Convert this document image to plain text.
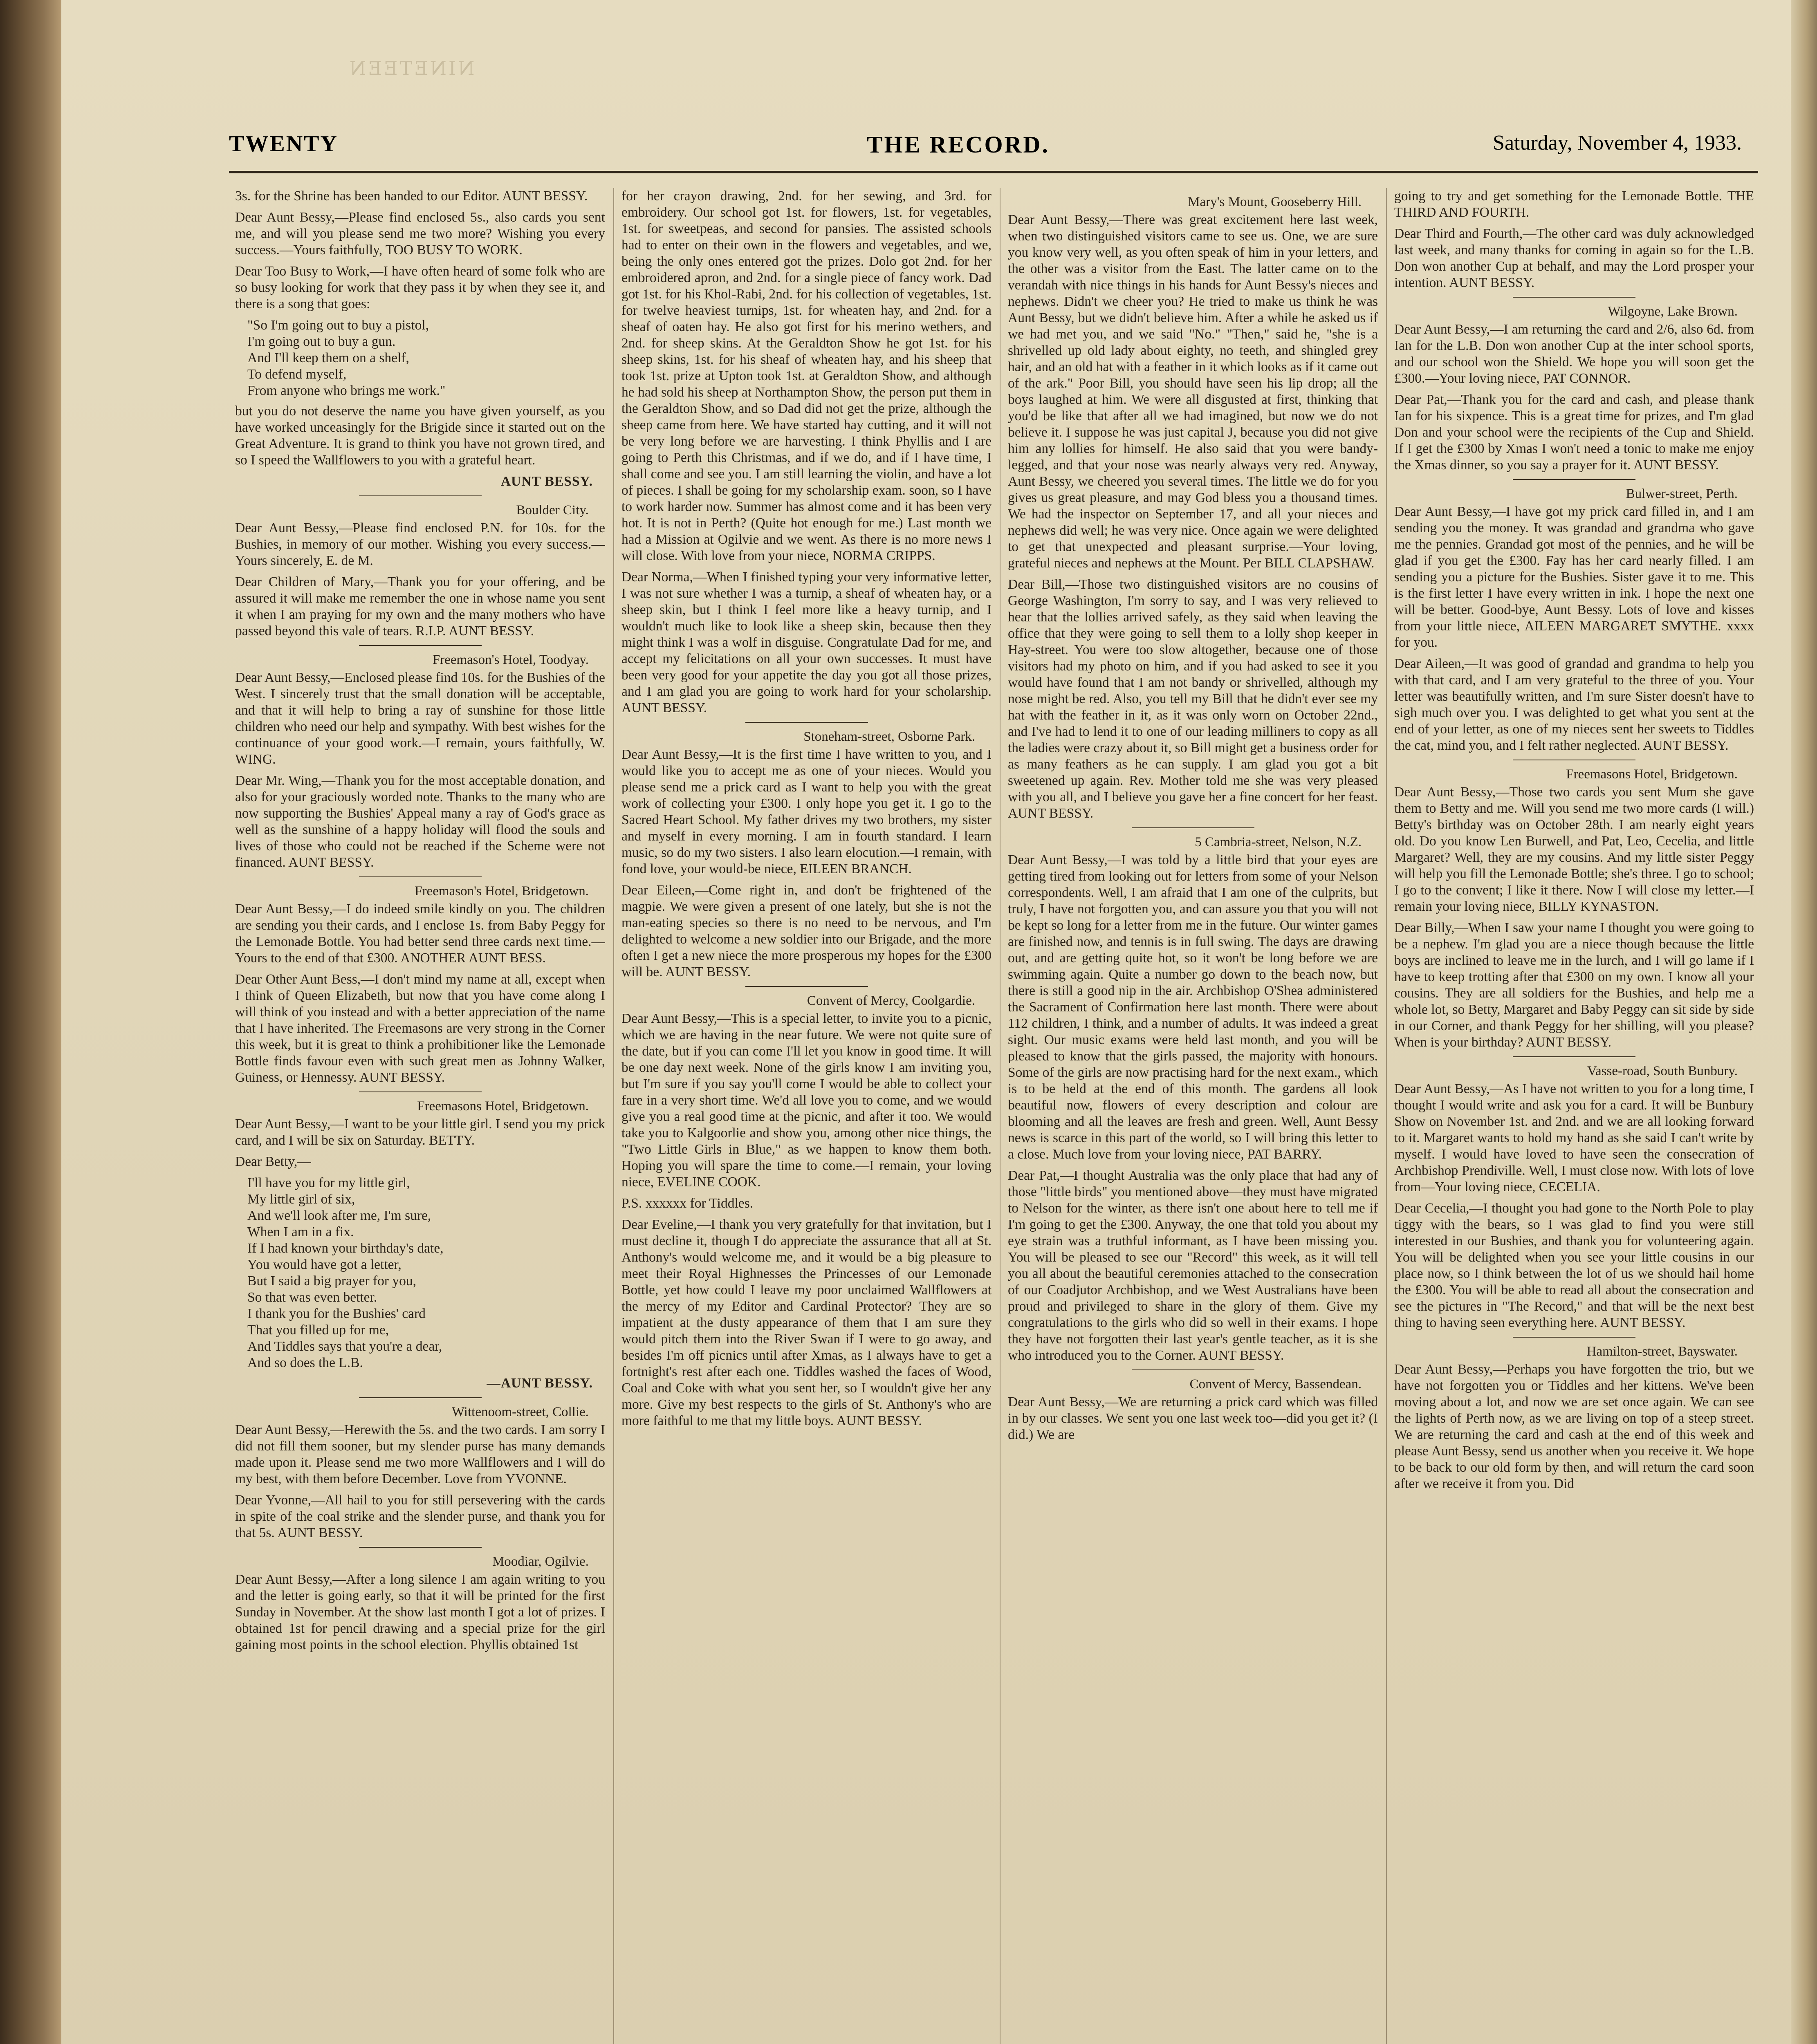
NINETEEN
TWENTY	THE RECORD.	Saturday, November 4, 1933.

3s. for the Shrine has been handed to our Editor. AUNT BESSY.

Dear Aunt Bessy,—Please find enclosed 5s., also cards you sent me, and will you please send me two more? Wishing you every success.—Yours faithfully, TOO BUSY TO WORK.

Dear Too Busy to Work,—I have often heard of some folk who are so busy looking for work that they pass it by when they see it, and there is a song that goes:

"So I'm going out to buy a pistol,
I'm going out to buy a gun.
And I'll keep them on a shelf,
To defend myself,
From anyone who brings me work."

but you do not deserve the name you have given yourself, as you have worked unceasingly for the Brigide since it started out on the Great Adventure. It is grand to think you have not grown tired, and so I speed the Wallflowers to you with a grateful heart.

AUNT BESSY.
Boulder City.

Dear Aunt Bessy,—Please find enclosed P.N. for 10s. for the Bushies, in memory of our mother. Wishing you every success.—Yours sincerely, E. de M.

Dear Children of Mary,—Thank you for your offering, and be assured it will make me remember the one in whose name you sent it when I am praying for my own and the many mothers who have passed beyond this vale of tears. R.I.P. AUNT BESSY.

Freemason's Hotel, Toodyay.

Dear Aunt Bessy,—Enclosed please find 10s. for the Bushies of the West. I sincerely trust that the small donation will be acceptable, and that it will help to bring a ray of sunshine for those little children who need our help and sympathy. With best wishes for the continuance of your good work.—I remain, yours faithfully, W. WING.

Dear Mr. Wing,—Thank you for the most acceptable donation, and also for your graciously worded note. Thanks to the many who are now supporting the Bushies' Appeal many a ray of God's grace as well as the sunshine of a happy holiday will flood the souls and lives of those who could not be reached if the Scheme were not financed. AUNT BESSY.

Freemason's Hotel, Bridgetown.

Dear Aunt Bessy,—I do indeed smile kindly on you. The children are sending you their cards, and I enclose 1s. from Baby Peggy for the Lemonade Bottle. You had better send three cards next time.—Yours to the end of that £300. ANOTHER AUNT BESS.

Dear Other Aunt Bess,—I don't mind my name at all, except when I think of Queen Elizabeth, but now that you have come along I will think of you instead and with a better appreciation of the name that I have inherited. The Freemasons are very strong in the Corner this week, but it is great to think a prohibitioner like the Lemonade Bottle finds favour even with such great men as Johnny Walker, Guiness, or Hennessy. AUNT BESSY.

Freemasons Hotel, Bridgetown.

Dear Aunt Bessy,—I want to be your little girl. I send you my prick card, and I will be six on Saturday. BETTY.

Dear Betty,—

I'll have you for my little girl,
My little girl of six,
And we'll look after me, I'm sure,
When I am in a fix.
If I had known your birthday's date,
You would have got a letter,
But I said a big prayer for you,
So that was even better.
I thank you for the Bushies' card
That you filled up for me,
And Tiddles says that you're a dear,
And so does the L.B.
—AUNT BESSY.
Wittenoom-street, Collie.

Dear Aunt Bessy,—Herewith the 5s. and the two cards. I am sorry I did not fill them sooner, but my slender purse has many demands made upon it. Please send me two more Wallflowers and I will do my best, with them before December. Love from YVONNE.

Dear Yvonne,—All hail to you for still persevering with the cards in spite of the coal strike and the slender purse, and thank you for that 5s. AUNT BESSY.

Moodiar, Ogilvie.

Dear Aunt Bessy,—After a long silence I am again writing to you and the letter is going early, so that it will be printed for the first Sunday in November. At the show last month I got a lot of prizes. I obtained 1st for pencil drawing and a special prize for the girl gaining most points in the school election. Phyllis obtained 1st

for her crayon drawing, 2nd. for her sewing, and 3rd. for embroidery. Our school got 1st. for flowers, 1st. for vegetables, 1st. for sweetpeas, and second for pansies. The assisted schools had to enter on their own in the flowers and vegetables, and we, being the only ones entered got the prizes. Dolo got 2nd. for her embroidered apron, and 2nd. for a single piece of fancy work. Dad got 1st. for his Khol-Rabi, 2nd. for his collection of vegetables, 1st. for twelve heaviest turnips, 1st. for wheaten hay, and 2nd. for a sheaf of oaten hay. He also got first for his merino wethers, and 2nd. for sheep skins. At the Geraldton Show he got 1st. for his sheep skins, 1st. for his sheaf of wheaten hay, and his sheep that took 1st. prize at Upton took 1st. at Geraldton Show, and although he had sold his sheep at Northampton Show, the person put them in the Geraldton Show, and so Dad did not get the prize, although the sheep came from here. We have started hay cutting, and it will not be very long before we are harvesting. I think Phyllis and I are going to Perth this Christmas, and if we do, and if I have time, I shall come and see you. I am still learning the violin, and have a lot of pieces. I shall be going for my scholarship exam. soon, so I have to work harder now. Summer has almost come and it has been very hot. It is not in Perth? (Quite hot enough for me.) Last month we had a Mission at Ogilvie and we went. As there is no more news I will close. With love from your niece, NORMA CRIPPS.

Dear Norma,—When I finished typing your very informative letter, I was not sure whether I was a turnip, a sheaf of wheaten hay, or a sheep skin, but I think I feel more like a heavy turnip, and I wouldn't much like to look like a sheep skin, because then they might think I was a wolf in disguise. Congratulate Dad for me, and accept my felicitations on all your own successes. It must have been very good for your appetite the day you got all those prizes, and I am glad you are going to work hard for your scholarship. AUNT BESSY.

Stoneham-street, Osborne Park.

Dear Aunt Bessy,—It is the first time I have written to you, and I would like you to accept me as one of your nieces. Would you please send me a prick card as I want to help you with the great work of collecting your £300. I only hope you get it. I go to the Sacred Heart School. My father drives my two brothers, my sister and myself in every morning. I am in fourth standard. I learn music, so do my two sisters. I also learn elocution.—I remain, with fond love, your would-be niece, EILEEN BRANCH.

Dear Eileen,—Come right in, and don't be frightened of the magpie. We were given a present of one lately, but she is not the man-eating species so there is no need to be nervous, and I'm delighted to welcome a new soldier into our Brigade, and the more often I get a new niece the more prosperous my hopes for the £300 will be. AUNT BESSY.

Convent of Mercy, Coolgardie.

Dear Aunt Bessy,—This is a special letter, to invite you to a picnic, which we are having in the near future. We were not quite sure of the date, but if you can come I'll let you know in good time. It will be one day next week. None of the girls know I am inviting you, but I'm sure if you say you'll come I would be able to collect your fare in a very short time. We'd all love you to come, and we would give you a real good time at the picnic, and after it too. We would take you to Kalgoorlie and show you, among other nice things, the "Two Little Girls in Blue," as we happen to know them both. Hoping you will spare the time to come.—I remain, your loving niece, EVELINE COOK.

P.S. xxxxxx for Tiddles.

Dear Eveline,—I thank you very gratefully for that invitation, but I must decline it, though I do appreciate the assurance that all at St. Anthony's would welcome me, and it would be a big pleasure to meet their Royal Highnesses the Princesses of our Lemonade Bottle, yet how could I leave my poor unclaimed Wallflowers at the mercy of my Editor and Cardinal Protector? They are so impatient at the dusty appearance of them that I am sure they would pitch them into the River Swan if I were to go away, and besides I'm off picnics until after Xmas, as I always have to get a fortnight's rest after each one. Tiddles washed the faces of Wood, Coal and Coke with what you sent her, so I wouldn't give her any more. Give my best respects to the girls of St. Anthony's who are more faithful to me that my little boys. AUNT BESSY.

Mary's Mount, Gooseberry Hill.

Dear Aunt Bessy,—There was great excitement here last week, when two distinguished visitors came to see us. One, we are sure you know very well, as you often speak of him in your letters, and the other was a visitor from the East. The latter came on to the verandah with nice things in his hands for Aunt Bessy's nieces and nephews. Didn't we cheer you? He tried to make us think he was Aunt Bessy, but we didn't believe him. After a while he asked us if we had met you, and we said "No." "Then," said he, "she is a shrivelled up old lady about eighty, no teeth, and shingled grey hair, and an old hat with a feather in it which looks as if it came out of the ark." Poor Bill, you should have seen his lip drop; all the boys laughed at him. We were all disgusted at first, thinking that you'd be like that after all we had imagined, but now we do not believe it. I suppose he was just capital J, because you did not give him any lollies for himself. He also said that you were bandy-legged, and that your nose was nearly always very red. Anyway, Aunt Bessy, we cheered you several times. The little we do for you gives us great pleasure, and may God bless you a thousand times. We had the inspector on September 17, and all your nieces and nephews did well; he was very nice. Once again we were delighted to get that unexpected and pleasant surprise.—Your loving, grateful nieces and nephews at the Mount. Per BILL CLAPSHAW.

Dear Bill,—Those two distinguished visitors are no cousins of George Washington, I'm sorry to say, and I was very relieved to hear that the lollies arrived safely, as they said when leaving the office that they were going to sell them to a lolly shop keeper in Hay-street. You were too slow altogether, because one of those visitors had my photo on him, and if you had asked to see it you would have found that I am not bandy or shrivelled, although my nose might be red. Also, you tell my Bill that he didn't ever see my hat with the feather in it, as it was only worn on October 22nd., and I've had to lend it to one of our leading milliners to copy as all the ladies were crazy about it, so Bill might get a business order for as many feathers as he can supply. I am glad you got a bit sweetened up again. Rev. Mother told me she was very pleased with you all, and I believe you gave her a fine concert for her feast. AUNT BESSY.

5 Cambria-street, Nelson, N.Z.

Dear Aunt Bessy,—I was told by a little bird that your eyes are getting tired from looking out for letters from some of your Nelson correspondents. Well, I am afraid that I am one of the culprits, but truly, I have not forgotten you, and can assure you that you will not be kept so long for a letter from me in the future. Our winter games are finished now, and tennis is in full swing. The days are drawing out, and are getting quite hot, so it won't be long before we are swimming again. Quite a number go down to the beach now, but there is still a good nip in the air. Archbishop O'Shea administered the Sacrament of Confirmation here last month. There were about 112 children, I think, and a number of adults. It was indeed a great sight. Our music exams were held last month, and you will be pleased to know that the girls passed, the majority with honours. Some of the girls are now practising hard for the next exam., which is to be held at the end of this month. The gardens all look beautiful now, flowers of every description and colour are blooming and all the leaves are fresh and green. Well, Aunt Bessy news is scarce in this part of the world, so I will bring this letter to a close. Much love from your loving niece, PAT BARRY.

Dear Pat,—I thought Australia was the only place that had any of those "little birds" you mentioned above—they must have migrated to Nelson for the winter, as there isn't one about here to tell me if I'm going to get the £300. Anyway, the one that told you about my eye strain was a truthful informant, as I have been missing you. You will be pleased to see our "Record" this week, as it will tell you all about the beautiful ceremonies attached to the consecration of our Coadjutor Archbishop, and we West Australians have been proud and privileged to share in the glory of them. Give my congratulations to the girls who did so well in their exams. I hope they have not forgotten their last year's gentle teacher, as it is she who introduced you to the Corner. AUNT BESSY.

Convent of Mercy, Bassendean.

Dear Aunt Bessy,—We are returning a prick card which was filled in by our classes. We sent you one last week too—did you get it? (I did.) We are

going to try and get something for the Lemonade Bottle. THE THIRD AND FOURTH.

Dear Third and Fourth,—The other card was duly acknowledged last week, and many thanks for coming in again so for the L.B. Don won another Cup at behalf, and may the Lord prosper your intention. AUNT BESSY.

Wilgoyne, Lake Brown.

Dear Aunt Bessy,—I am returning the card and 2/6, also 6d. from Ian for the L.B. Don won another Cup at the inter school sports, and our school won the Shield. We hope you will soon get the £300.—Your loving niece, PAT CONNOR.

Dear Pat,—Thank you for the card and cash, and please thank Ian for his sixpence. This is a great time for prizes, and I'm glad Don and your school were the recipients of the Cup and Shield. If I get the £300 by Xmas I won't need a tonic to make me enjoy the Xmas dinner, so you say a prayer for it. AUNT BESSY.

Bulwer-street, Perth.

Dear Aunt Bessy,—I have got my prick card filled in, and I am sending you the money. It was grandad and grandma who gave me the pennies. Grandad got most of the pennies, and he will be glad if you get the £300. Fay has her card nearly filled. I am sending you a picture for the Bushies. Sister gave it to me. This is the first letter I have every written in ink. I hope the next one will be better. Good-bye, Aunt Bessy. Lots of love and kisses from your little niece, AILEEN MARGARET SMYTHE. xxxx for you.

Dear Aileen,—It was good of grandad and grandma to help you with that card, and I am very grateful to the three of you. Your letter was beautifully written, and I'm sure Sister doesn't have to sigh much over you. I was delighted to get what you sent at the end of your letter, as one of my nieces sent her sweets to Tiddles the cat, mind you, and I felt rather neglected. AUNT BESSY.

Freemasons Hotel, Bridgetown.

Dear Aunt Bessy,—Those two cards you sent Mum she gave them to Betty and me. Will you send me two more cards (I will.) Betty's birthday was on October 28th. I am nearly eight years old. Do you know Len Burwell, and Pat, Leo, Cecelia, and little Margaret? Well, they are my cousins. And my little sister Peggy will help you fill the Lemonade Bottle; she's three. I go to school; I go to the convent; I like it there. Now I will close my letter.—I remain your loving niece, BILLY KYNASTON.

Dear Billy,—When I saw your name I thought you were going to be a nephew. I'm glad you are a niece though because the little boys are inclined to leave me in the lurch, and I will go lame if I have to keep trotting after that £300 on my own. I know all your cousins. They are all soldiers for the Bushies, and help me a whole lot, so Betty, Margaret and Baby Peggy can sit side by side in our Corner, and thank Peggy for her shilling, will you please? When is your birthday? AUNT BESSY.

Vasse-road, South Bunbury.

Dear Aunt Bessy,—As I have not written to you for a long time, I thought I would write and ask you for a card. It will be Bunbury Show on November 1st. and 2nd. and we are all looking forward to it. Margaret wants to hold my hand as she said I can't write by myself. I would have loved to have seen the consecration of Archbishop Prendiville. Well, I must close now. With lots of love from—Your loving niece, CECELIA.

Dear Cecelia,—I thought you had gone to the North Pole to play tiggy with the bears, so I was glad to find you were still interested in our Bushies, and thank you for volunteering again. You will be delighted when you see your little cousins in our place now, so I think between the lot of us we should hail home the £300. You will be able to read all about the consecration and see the pictures in "The Record," and that will be the next best thing to having seen everything here. AUNT BESSY.

Hamilton-street, Bayswater.

Dear Aunt Bessy,—Perhaps you have forgotten the trio, but we have not forgotten you or Tiddles and her kittens. We've been moving about a lot, and now we are set once again. We can see the lights of Perth now, as we are living on top of a steep street. We are returning the card and cash at the end of this week and please Aunt Bessy, send us another when you receive it. We hope to be back to our old form by then, and will return the card soon after we receive it from you. Did
